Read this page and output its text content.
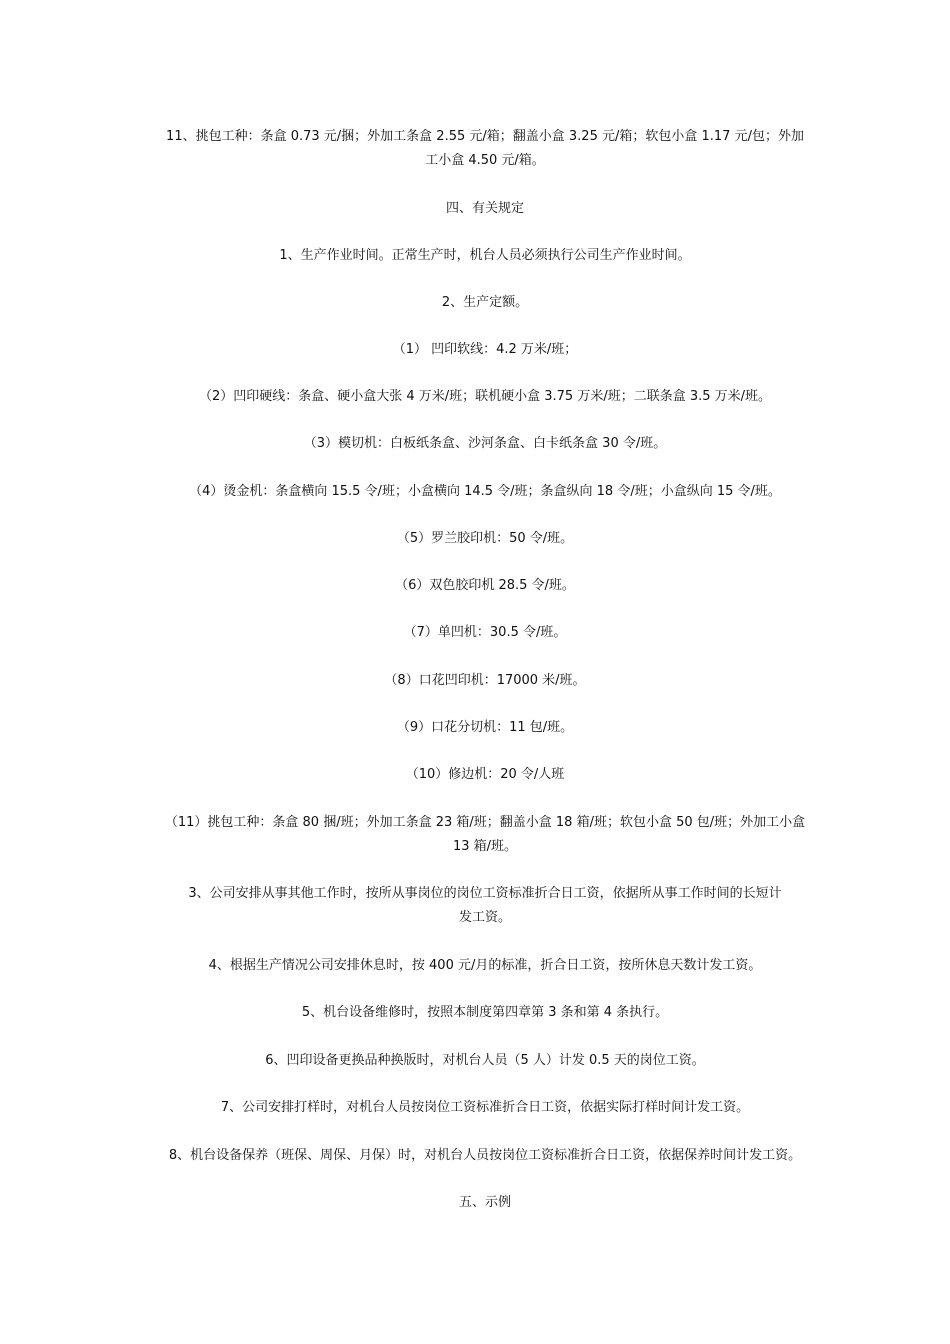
11、挑包工种：条盒 0.73 元/捆；外加工条盒 2.55 元/箱；翻盖小盒 3.25 元/箱；软包小盒 1.17 元/包；外加
工小盒 4.50 元/箱。
四、有关规定
1、生产作业时间。正常生产时，机台人员必须执行公司生产作业时间。
2、生产定额。
（1） 凹印软线：4.2 万米/班；
（2）凹印硬线：条盒、硬小盒大张 4 万米/班；联机硬小盒 3.75 万米/班；二联条盒 3.5 万米/班。
（3）模切机：白板纸条盒、沙河条盒、白卡纸条盒 30 令/班。
（4）烫金机：条盒横向 15.5 令/班；小盒横向 14.5 令/班；条盒纵向 18 令/班；小盒纵向 15 令/班。
（5）罗兰胶印机：50 令/班。
（6）双色胶印机 28.5 令/班。
（7）单凹机：30.5 令/班。
（8）口花凹印机：17000 米/班。
（9）口花分切机：11 包/班。
（10）修边机：20 令/人班
（11）挑包工种：条盒 80 捆/班；外加工条盒 23 箱/班；翻盖小盒 18 箱/班；软包小盒 50 包/班；外加工小盒
13 箱/班。
3、公司安排从事其他工作时，按所从事岗位的岗位工资标准折合日工资，依据所从事工作时间的长短计
发工资。
4、根据生产情况公司安排休息时，按 400 元/月的标准，折合日工资，按所休息天数计发工资。
5、机台设备维修时，按照本制度第四章第 3 条和第 4 条执行。
6、凹印设备更换品种换版时，对机台人员（5 人）计发 0.5 天的岗位工资。
7、公司安排打样时，对机台人员按岗位工资标准折合日工资，依据实际打样时间计发工资。
8、机台设备保养（班保、周保、月保）时，对机台人员按岗位工资标准折合日工资，依据保养时间计发工资。
五、示例
